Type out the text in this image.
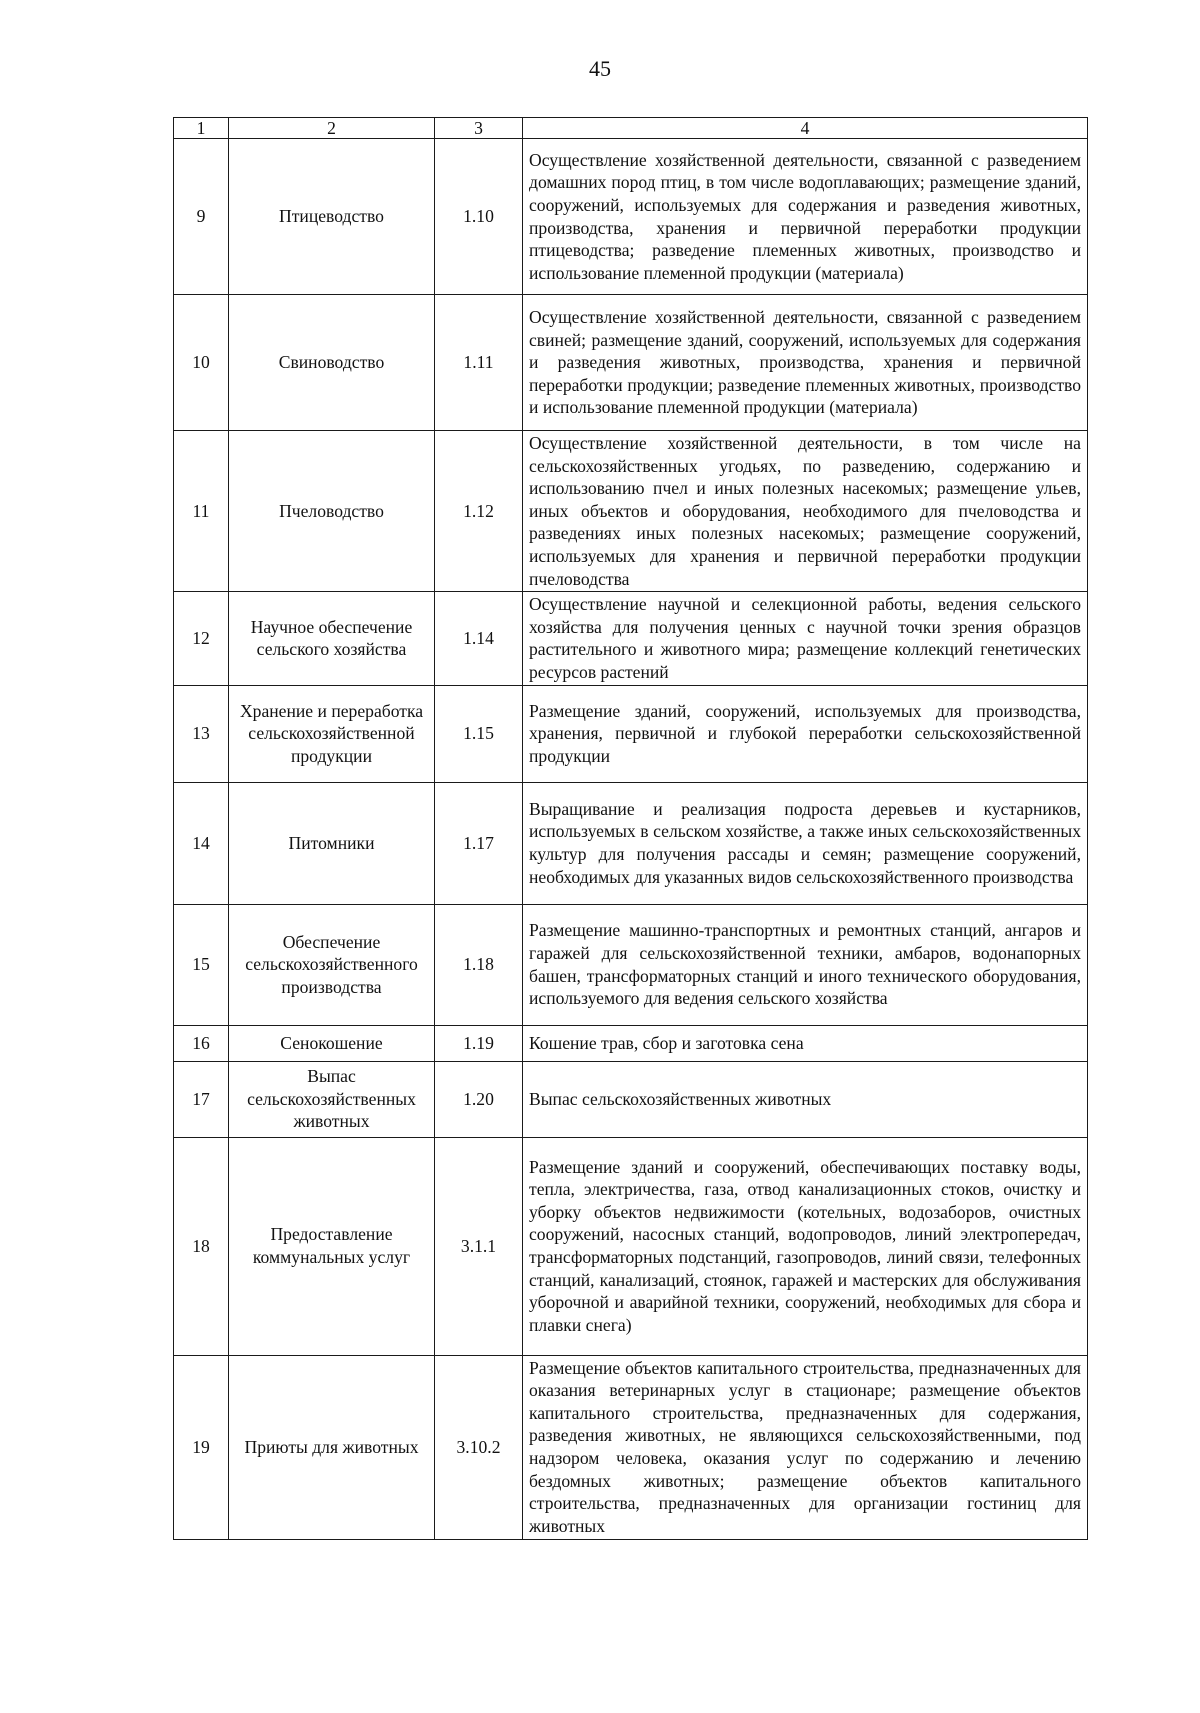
45
1	2	3	4
9	Птицеводство	1.10	Осуществление хозяйственной деятельности, связанной с разведением домашних пород птиц, в том числе водоплавающих; размещение зданий, сооружений, используемых для содержания и разведения животных, производства, хранения и первичной переработки продукции птицеводства; разведение племенных животных, производство и использование племенной продукции (материала)
10	Свиноводство	1.11	Осуществление хозяйственной деятельности, связанной с разведением свиней; размещение зданий, сооружений, используемых для содержания и разведения животных, производства, хранения и первичной переработки продукции; разведение племенных животных, производство и использование племенной продукции (материала)
11	Пчеловодство	1.12	Осуществление хозяйственной деятельности, в том числе на сельскохозяйственных угодьях, по разведению, содержанию и использованию пчел и иных полезных насекомых; размещение ульев, иных объектов и оборудования, необходимого для пчеловодства и разведениях иных полезных насекомых; размещение сооружений, используемых для хранения и первичной переработки продукции пчеловодства
12	Научное обеспечение сельского хозяйства	1.14	Осуществление научной и селекционной работы, ведения сельского хозяйства для получения ценных с научной точки зрения образцов растительного и животного мира; размещение коллекций генетических ресурсов растений
13	Хранение и переработка сельскохозяйственной продукции	1.15	Размещение зданий, сооружений, используемых для производства, хранения, первичной и глубокой переработки сельскохозяйственной продукции
14	Питомники	1.17	Выращивание и реализация подроста деревьев и кустарников, используемых в сельском хозяйстве, а также иных сельскохозяйственных культур для получения рассады и семян; размещение сооружений, необходимых для указанных видов сельскохозяйственного производства
15	Обеспечение сельскохозяйственного производства	1.18	Размещение машинно-транспортных и ремонтных станций, ангаров и гаражей для сельскохозяйственной техники, амбаров, водонапорных башен, трансформаторных станций и иного технического оборудования, используемого для ведения сельского хозяйства
16	Сенокошение	1.19	Кошение трав, сбор и заготовка сена
17	Выпас сельскохозяйственных животных	1.20	Выпас сельскохозяйственных животных
18	Предоставление коммунальных услуг	3.1.1	Размещение зданий и сооружений, обеспечивающих поставку воды, тепла, электричества, газа, отвод канализационных стоков, очистку и уборку объектов недвижимости (котельных, водозаборов, очистных сооружений, насосных станций, водопроводов, линий электропередач, трансформаторных подстанций, газопроводов, линий связи, телефонных станций, канализаций, стоянок, гаражей и мастерских для обслуживания уборочной и аварийной техники, сооружений, необходимых для сбора и плавки снега)
19	Приюты для животных	3.10.2	Размещение объектов капитального строительства, предназначенных для оказания ветеринарных услуг в стационаре; размещение объектов капитального строительства, предназначенных для содержания, разведения животных, не являющихся сельскохозяйственными, под надзором человека, оказания услуг по содержанию и лечению бездомных животных; размещение объектов капитального строительства, предназначенных для организации гостиниц для животных
